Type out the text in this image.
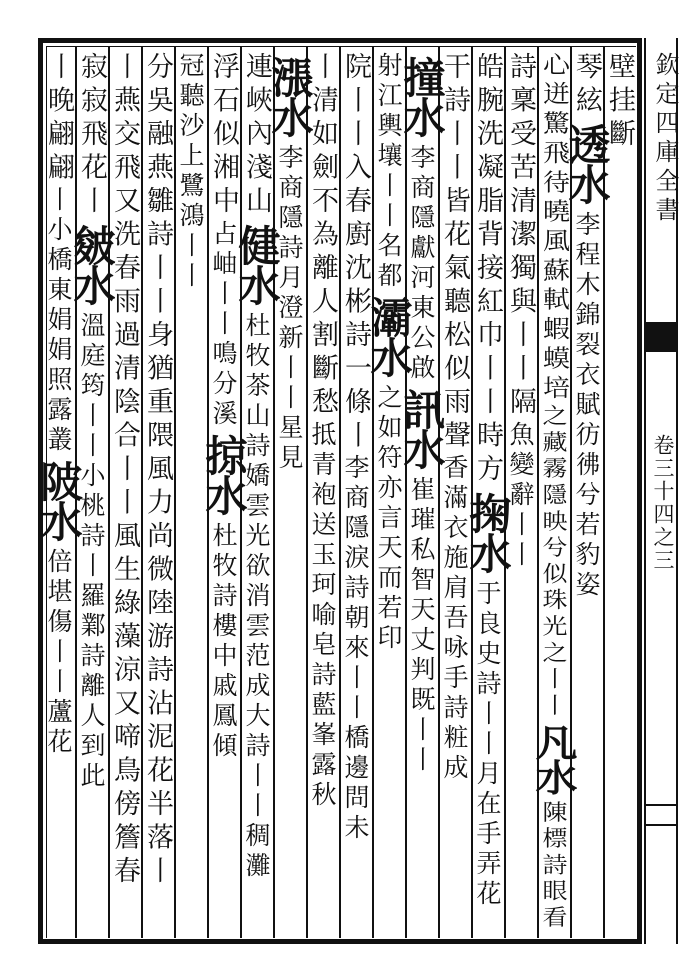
壁挂斷
琴絃
透水
李程木錦裂衣賦彷彿兮若豹姿
心迸驚飛待曉風蘇軾蝦蟆培
之藏霧隱映兮似珠光之丨丨
凡水
陳標詩眼看
詩稟受苦清潔獨與丨丨隔
魚變辭丨丨
皓腕洗凝脂背接紅巾丨丨時方
掬水
于良史詩丨丨月在手弄花
干詩丨丨皆花氣聽松似雨聲
香滿衣施肩吾咏手詩粧成
撞水
李商隱獻河東公啟
訊水
崔璀私智天丈判既丨丨
射江輿壤丨丨名都
灞水
之如符亦言天而若印
院丨丨入春廚沈彬詩一條丨
李商隱淚詩朝來丨丨橋邊問未
丨清如劍不為離人割斷愁
抵青袍送玉珂喻皂詩藍峯露秋
漲水
李商隱詩月澄新丨丨星見
連峽內淺山
健水
杜牧茶山詩嬌雲光
欲消雲范成大詩丨丨稠灘
浮石似湘中
占岫丨丨鳴分溪
掠水
杜牧詩樓中戚鳳傾
冠聽沙上鷺鴻丨丨
分吳融燕雛詩丨丨身猶重隈風力尚微陸游詩沾泥花半落丨
丨燕交飛又洗春雨過清陰合丨丨風生綠藻涼又啼鳥傍簷春
寂寂飛花丨
皴水
溫庭筠丨丨小桃詩丨
羅鄴詩離人到此
丨晚翩翩
丨小橋東娟娟照露叢
陂水
倍堪傷丨丨蘆花
欽定四庫全書
卷三十四之三
